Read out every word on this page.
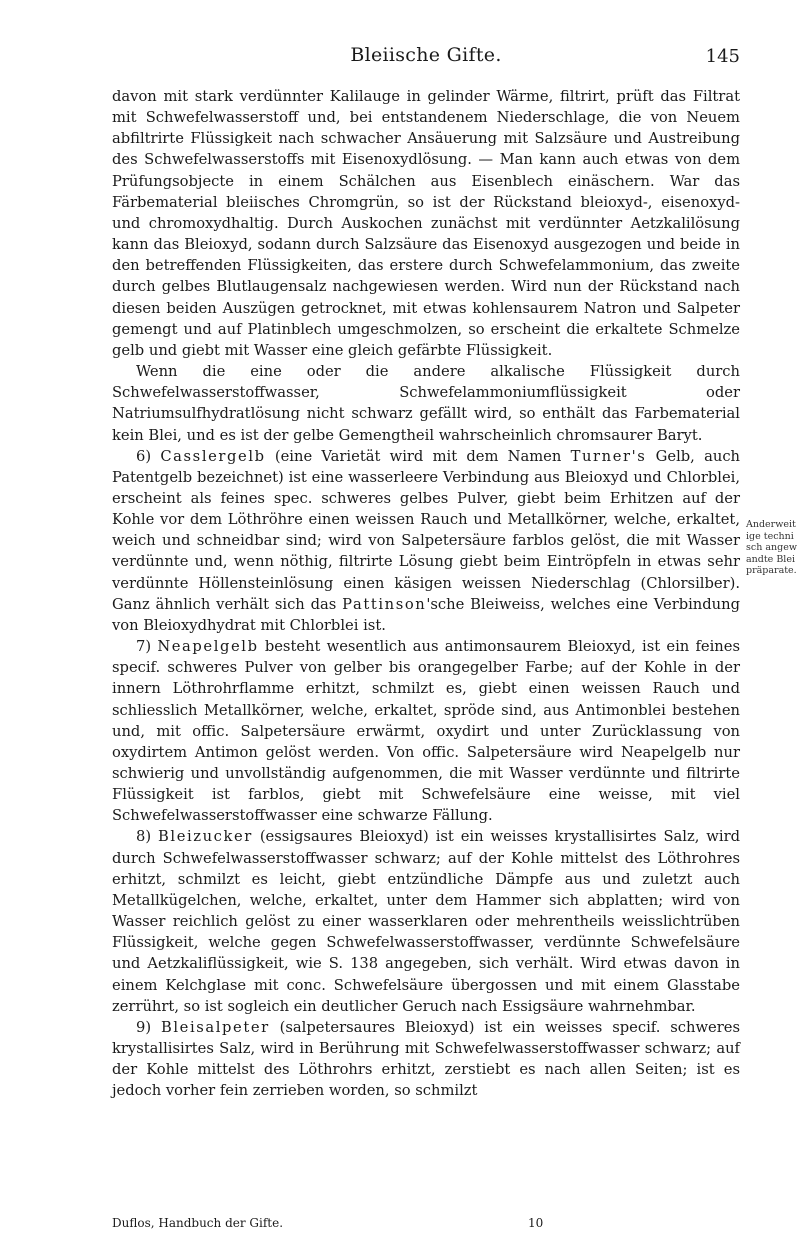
Bleiische Gifte.	145

davon mit stark verdünnter Kalilauge in gelinder Wärme, filtrirt, prüft das Filtrat mit Schwefelwasserstoff und, bei entstandenem Niederschlage, die von Neuem abfiltrirte Flüssigkeit nach schwacher Ansäuerung mit Salzsäure und Austreibung des Schwefelwasserstoffs mit Eisenoxydlösung. — Man kann auch etwas von dem Prüfungsobjecte in einem Schälchen aus Eisenblech einäschern. War das Färbematerial bleiisches Chromgrün, so ist der Rückstand bleioxyd-, eisenoxyd- und chromoxydhaltig. Durch Auskochen zunächst mit verdünnter Aetzkalilösung kann das Bleioxyd, sodann durch Salzsäure das Eisenoxyd ausgezogen und beide in den betreffenden Flüssigkeiten, das erstere durch Schwefelammonium, das zweite durch gelbes Blutlaugensalz nachgewiesen werden. Wird nun der Rückstand nach diesen beiden Auszügen getrocknet, mit etwas kohlensaurem Natron und Salpeter gemengt und auf Platinblech umgeschmolzen, so erscheint die erkaltete Schmelze gelb und giebt mit Wasser eine gleich gefärbte Flüssigkeit.

Wenn die eine oder die andere alkalische Flüssigkeit durch Schwefelwasserstoffwasser, Schwefelammoniumflüssigkeit oder Natriumsulfhydratlösung nicht schwarz gefällt wird, so enthält das Farbematerial kein Blei, und es ist der gelbe Gemengtheil wahrscheinlich chromsaurer Baryt.

6) Casslergelb (eine Varietät wird mit dem Namen Turner's Gelb, auch Patentgelb bezeichnet) ist eine wasserleere Verbindung aus Bleioxyd und Chlorblei, erscheint als feines spec. schweres gelbes Pulver, giebt beim Erhitzen auf der Kohle vor dem Löthröhre einen weissen Rauch und Metallkörner, welche, erkaltet, weich und schneidbar sind; wird von Salpetersäure farblos gelöst, die mit Wasser verdünnte und, wenn nöthig, filtrirte Lösung giebt beim Eintröpfeln in etwas sehr verdünnte Höllensteinlösung einen käsigen weissen Niederschlag (Chlorsilber). Ganz ähnlich verhält sich das Pattinson'sche Bleiweiss, welches eine Verbindung von Bleioxydhydrat mit Chlorblei ist.

7) Neapelgelb besteht wesentlich aus antimonsaurem Bleioxyd, ist ein feines specif. schweres Pulver von gelber bis orangegelber Farbe; auf der Kohle in der innern Löthrohrflamme erhitzt, schmilzt es, giebt einen weissen Rauch und schliesslich Metallkörner, welche, erkaltet, spröde sind, aus Antimonblei bestehen und, mit offic. Salpetersäure erwärmt, oxydirt und unter Zurücklassung von oxydirtem Antimon gelöst werden. Von offic. Salpetersäure wird Neapelgelb nur schwierig und unvollständig aufgenommen, die mit Wasser verdünnte und filtrirte Flüssigkeit ist farblos, giebt mit Schwefelsäure eine weisse, mit viel Schwefelwasserstoffwasser eine schwarze Fällung.

8) Bleizucker (essigsaures Bleioxyd) ist ein weisses krystallisirtes Salz, wird durch Schwefelwasserstoffwasser schwarz; auf der Kohle mittelst des Löthrohres erhitzt, schmilzt es leicht, giebt entzündliche Dämpfe aus und zuletzt auch Metallkügelchen, welche, erkaltet, unter dem Hammer sich abplatten; wird von Wasser reichlich gelöst zu einer wasserklaren oder mehrentheils weisslichtrüben Flüssigkeit, welche gegen Schwefelwasserstoffwasser, verdünnte Schwefelsäure und Aetzkaliflüssigkeit, wie S. 138 angegeben, sich verhält. Wird etwas davon in einem Kelchglase mit conc. Schwefelsäure übergossen und mit einem Glasstabe zerrührt, so ist sogleich ein deutlicher Geruch nach Essigsäure wahrnehmbar.

9) Bleisalpeter (salpetersaures Bleioxyd) ist ein weisses specif. schweres krystallisirtes Salz, wird in Berührung mit Schwefelwasserstoffwasser schwarz; auf der Kohle mittelst des Löthrohrs erhitzt, zerstiebt es nach allen Seiten; ist es jedoch vorher fein zerrieben worden, so schmilzt

Anderweitige technisch angewandte Bleipräparate.
Duflos, Handbuch der Gifte.	10
